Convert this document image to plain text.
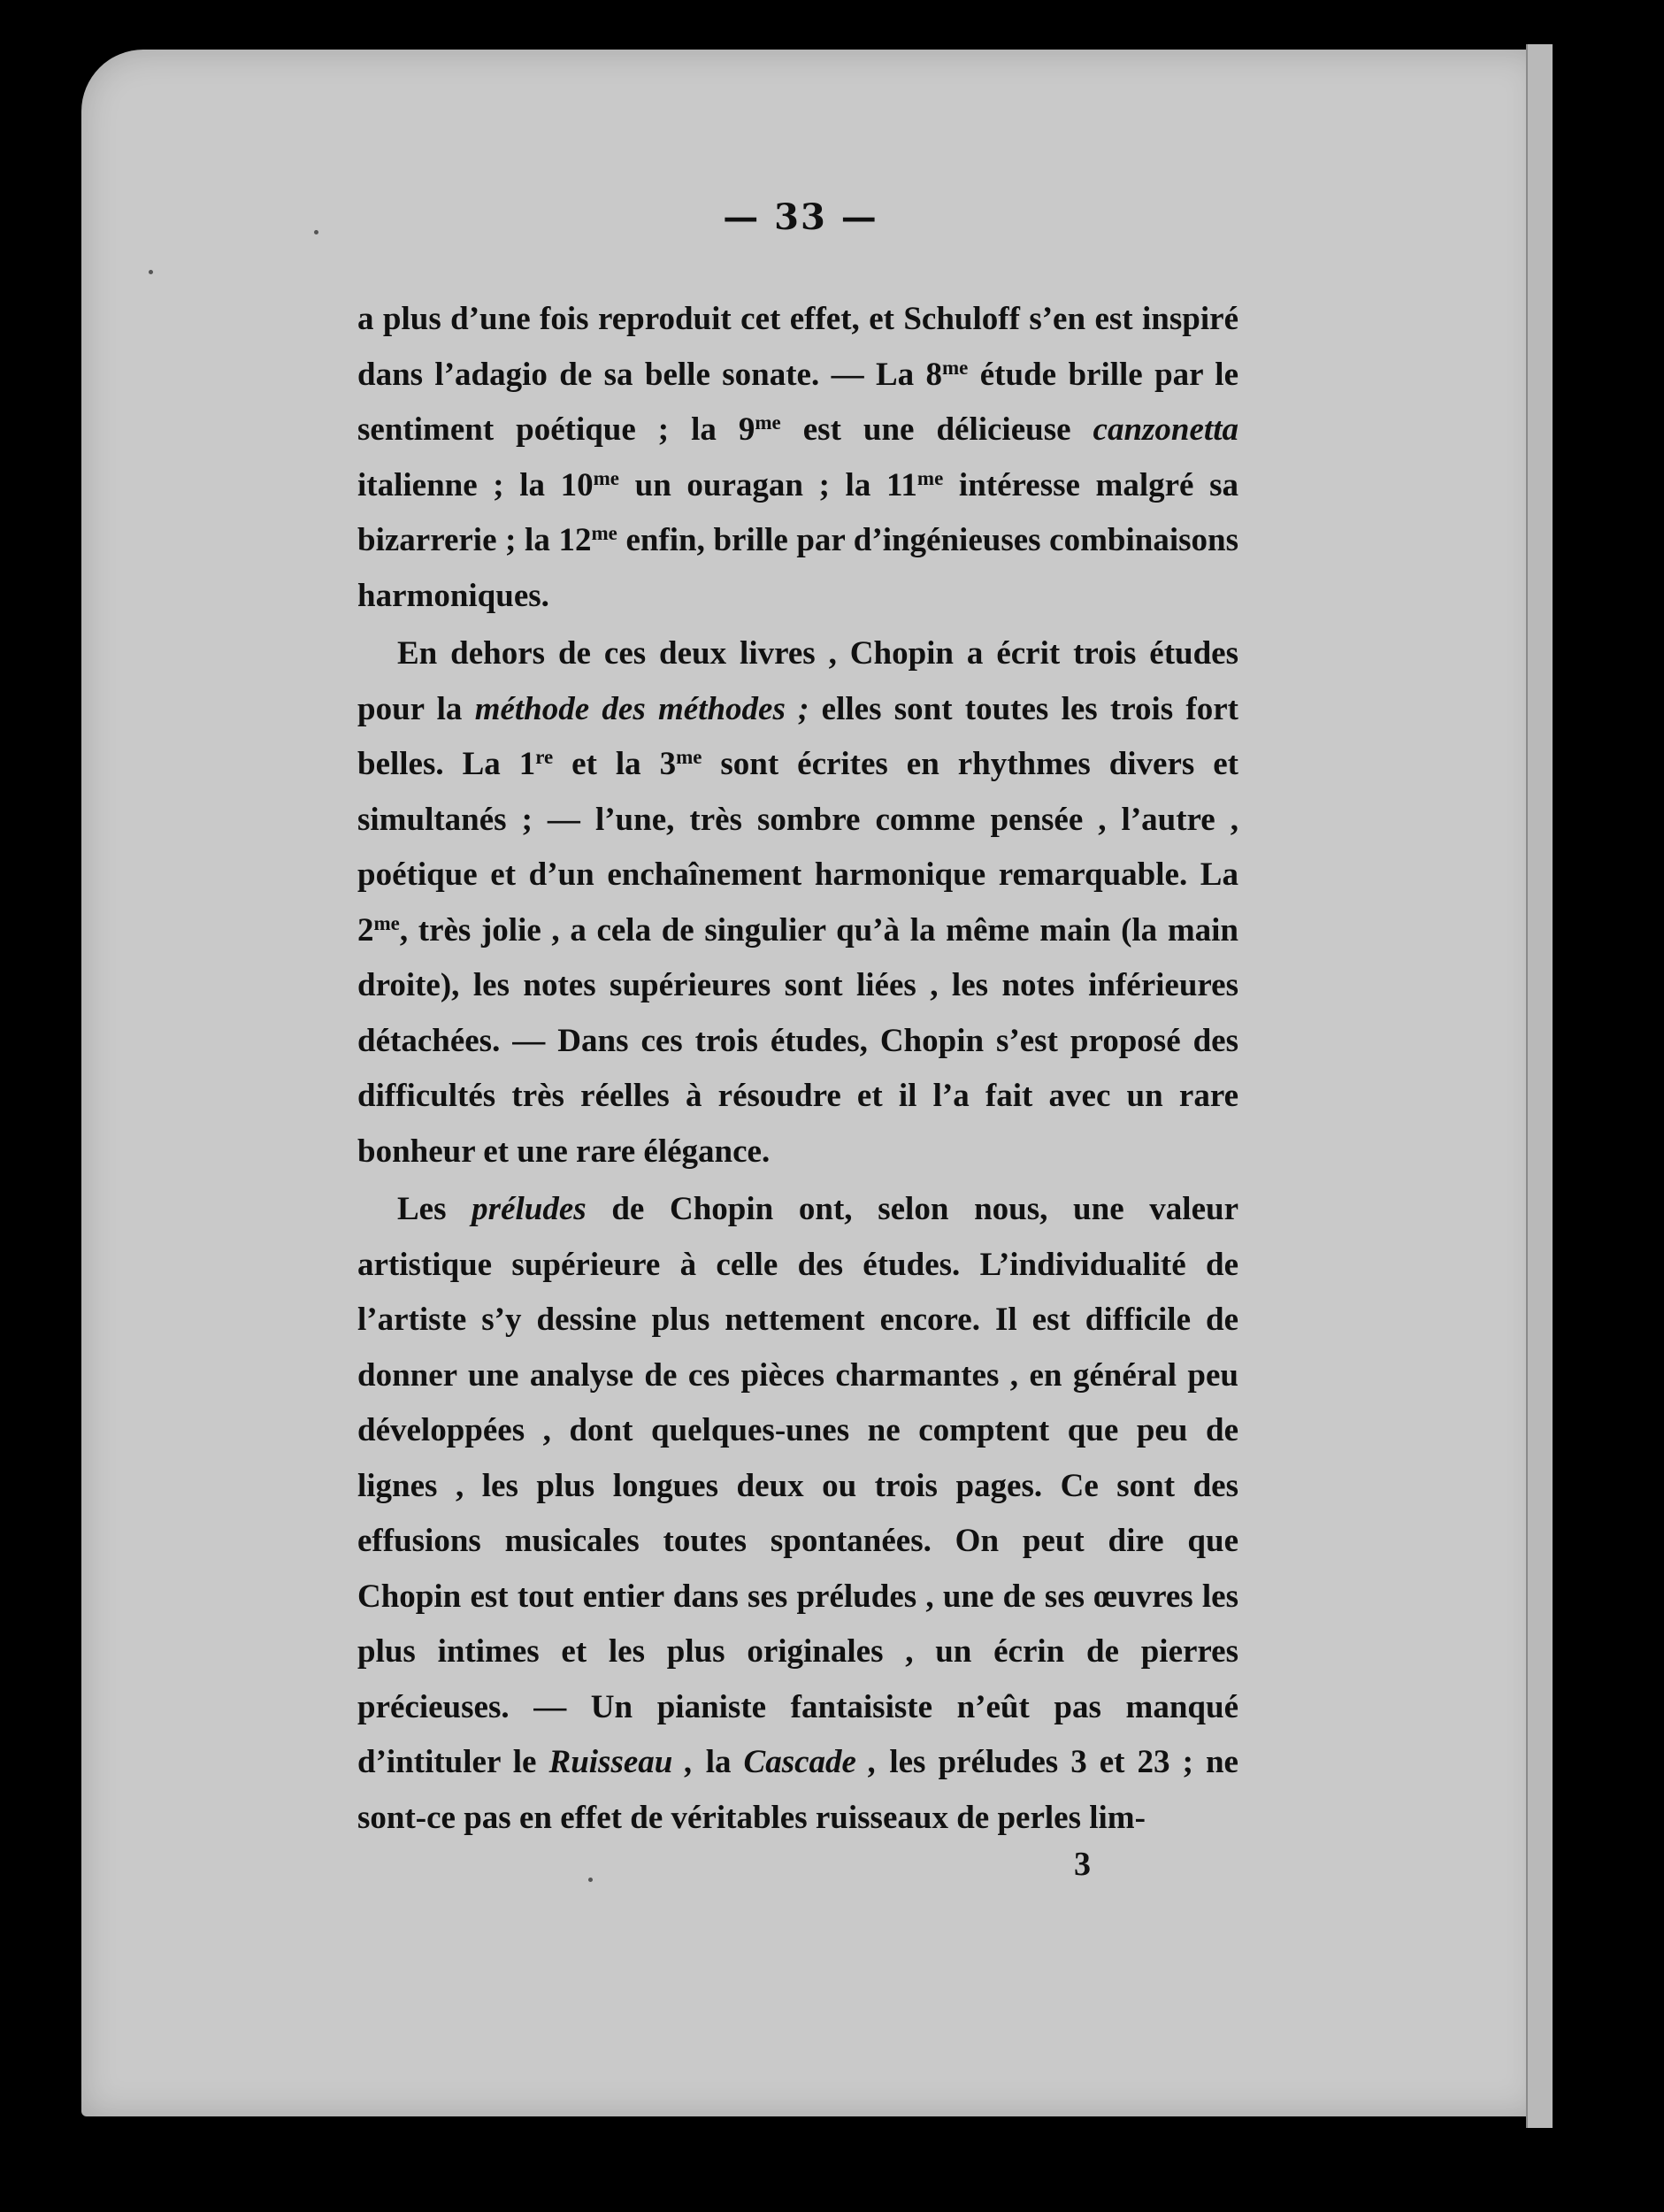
— 33 —

a plus d’une fois reproduit cet effet, et Schuloff s’en est inspiré dans l’adagio de sa belle sonate. — La $8^{me}$ étude brille par le sentiment poétique ; la $9^{me}$ est une délicieuse canzonetta italienne ; la $10^{me}$ un ouragan ; la $11^{me}$ intéresse malgré sa bizarrerie ; la $12^{me}$ enfin, brille par d’ingénieuses combinaisons harmoniques.

En dehors de ces deux livres , Chopin a écrit trois études pour la méthode des méthodes ; elles sont toutes les trois fort belles. La 1re et la $3^{me}$ sont écrites en rhythmes divers et simultanés ; — l’une, très sombre comme pensée , l’autre , poétique et d’un enchaînement harmonique remarquable. La $2^{me}$, très jolie , a cela de singulier qu’à la même main (la main droite), les notes supérieures sont liées , les notes inférieures détachées. — Dans ces trois études, Chopin s’est proposé des difficultés très réelles à résoudre et il l’a fait avec un rare bonheur et une rare élégance.

Les préludes de Chopin ont, selon nous, une valeur artistique supérieure à celle des études. L’individualité de l’artiste s’y dessine plus nettement encore. Il est difficile de donner une analyse de ces pièces charmantes , en général peu développées , dont quelques-unes ne comptent que peu de lignes , les plus longues deux ou trois pages. Ce sont des effusions musicales toutes spontanées. On peut dire que Chopin est tout entier dans ses préludes , une de ses œuvres les plus intimes et les plus originales , un écrin de pierres précieuses. — Un pianiste fantaisiste n’eût pas manqué d’intituler le Ruisseau , la Cascade , les préludes 3 et 23 ; ne sont-ce pas en effet de véritables ruisseaux de perles lim-

3
